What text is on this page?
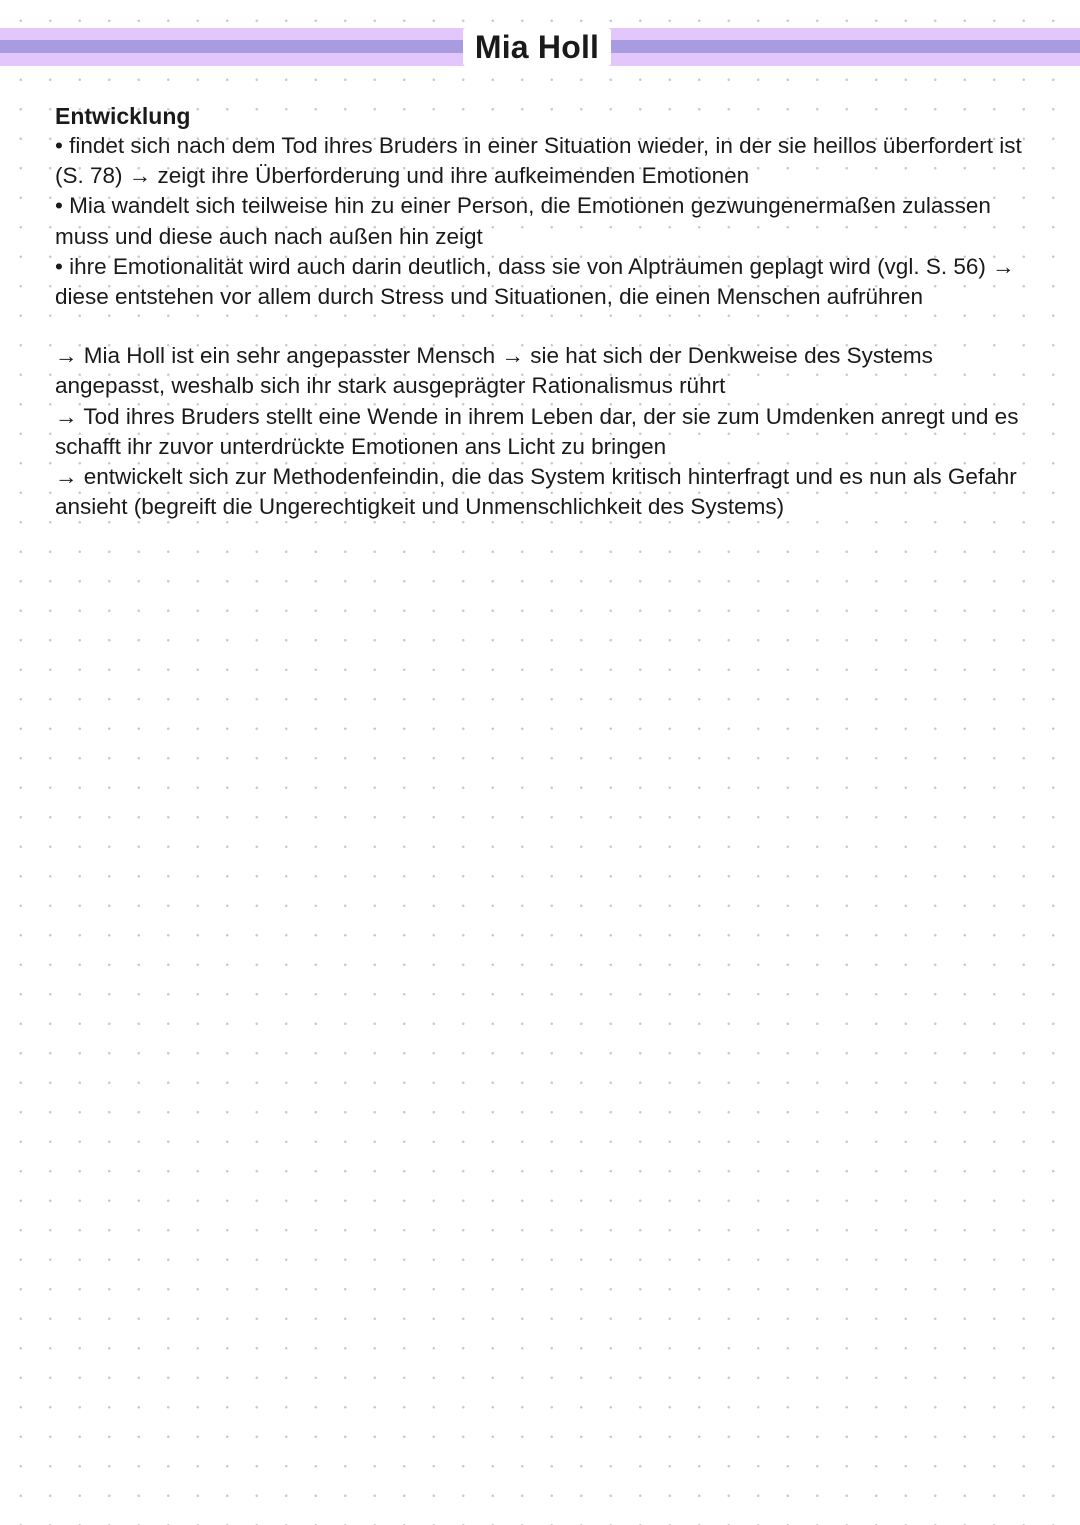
Mia Holl
Entwicklung

• findet sich nach dem Tod ihres Bruders in einer Situation wieder, in der sie heillos überfordert ist (S. 78) → zeigt ihre Überforderung und ihre aufkeimenden Emotionen

• Mia wandelt sich teilweise hin zu einer Person, die Emotionen gezwungenermaßen zulassen muss und diese auch nach außen hin zeigt

• ihre Emotionalität wird auch darin deutlich, dass sie von Alpträumen geplagt wird (vgl. S. 56) → diese entstehen vor allem durch Stress und Situationen, die einen Menschen aufrühren

→ Mia Holl ist ein sehr angepasster Mensch → sie hat sich der Denkweise des Systems angepasst, weshalb sich ihr stark ausgeprägter Rationalismus rührt

→ Tod ihres Bruders stellt eine Wende in ihrem Leben dar, der sie zum Umdenken anregt und es schafft ihr zuvor unterdrückte Emotionen ans Licht zu bringen

→ entwickelt sich zur Methodenfeindin, die das System kritisch hinterfragt und es nun als Gefahr ansieht (begreift die Ungerechtigkeit und Unmenschlichkeit des Systems)
